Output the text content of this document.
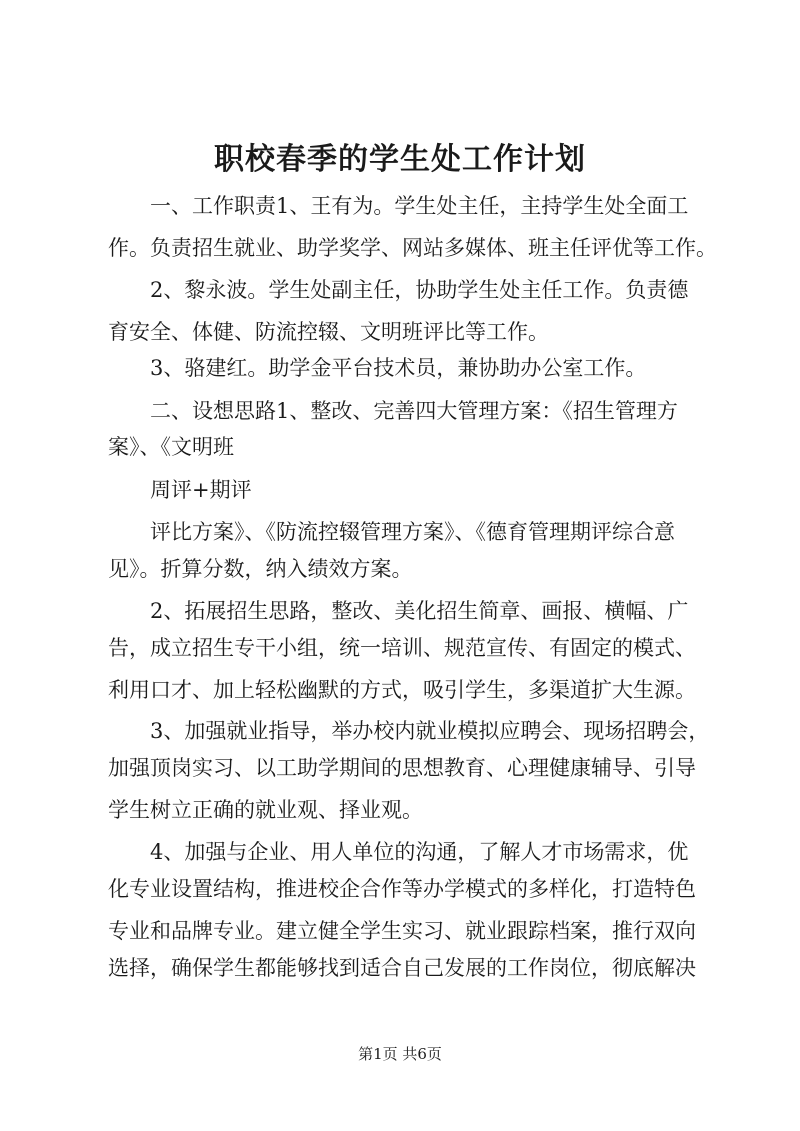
职校春季的学生处工作计划

一、工作职责1、王有为。学生处主任，主持学生处全面工

作。负责招生就业、助学奖学、网站多媒体、班主任评优等工作。

2、黎永波。学生处副主任，协助学生处主任工作。负责德

育安全、体健、防流控辍、文明班评比等工作。

3、骆建红。助学金平台技术员，兼协助办公室工作。

二、设想思路1、整改、完善四大管理方案：《招生管理方

案》、《文明班

周评+期评

评比方案》、《防流控辍管理方案》、《德育管理期评综合意

见》。折算分数，纳入绩效方案。

2、拓展招生思路，整改、美化招生简章、画报、横幅、广

告，成立招生专干小组，统一培训、规范宣传、有固定的模式、

利用口才、加上轻松幽默的方式，吸引学生，多渠道扩大生源。

3、加强就业指导，举办校内就业模拟应聘会、现场招聘会，

加强顶岗实习、以工助学期间的思想教育、心理健康辅导、引导

学生树立正确的就业观、择业观。

4、加强与企业、用人单位的沟通，了解人才市场需求，优

化专业设置结构，推进校企合作等办学模式的多样化，打造特色

专业和品牌专业。建立健全学生实习、就业跟踪档案，推行双向

选择，确保学生都能够找到适合自己发展的工作岗位，彻底解决

第1页 共6页
